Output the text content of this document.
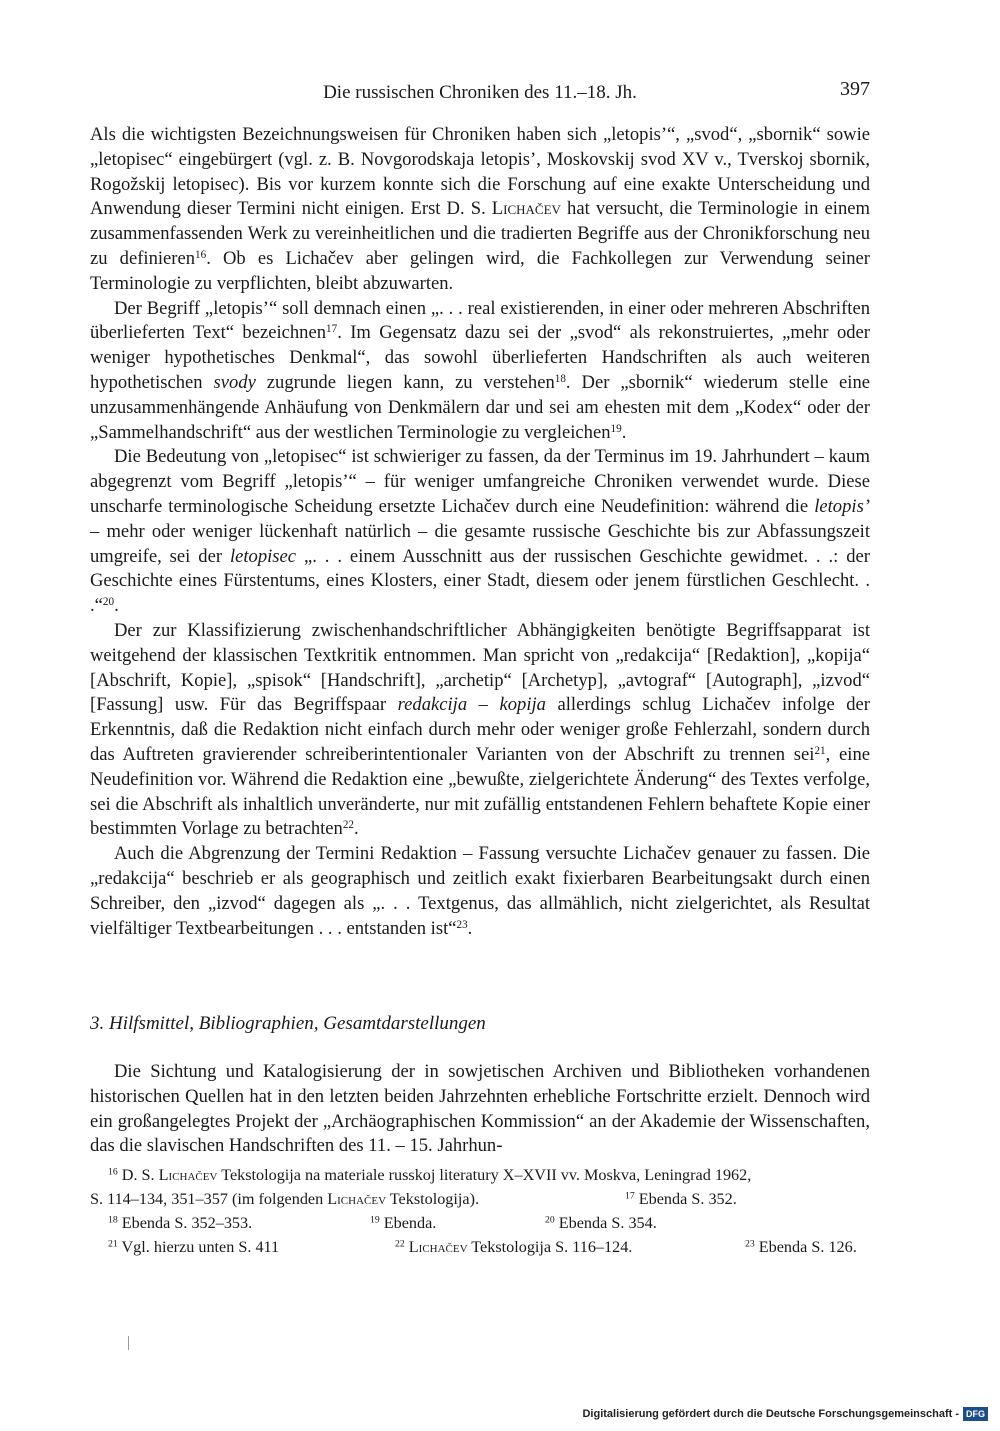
Die russischen Chroniken des 11.–18. Jh.	397

Als die wichtigsten Bezeichnungsweisen für Chroniken haben sich „letopis’“, „svod“, „sbornik“ sowie „letopisec“ eingebürgert (vgl. z. B. Novgorodskaja letopis’, Moskovskij svod XV v., Tverskoj sbornik, Rogožskij letopisec). Bis vor kurzem konnte sich die Forschung auf eine exakte Unterscheidung und Anwendung dieser Termini nicht einigen. Erst D. S. Lichačev hat versucht, die Terminologie in einem zusammenfassenden Werk zu vereinheitlichen und die tradierten Begriffe aus der Chronikforschung neu zu definieren$^{16}$. Ob es Lichačev aber gelingen wird, die Fachkollegen zur Verwendung seiner Terminologie zu verpflichten, bleibt abzuwarten.

Der Begriff „letopis’“ soll demnach einen „. . . real existierenden, in einer oder mehreren Abschriften überlieferten Text“ bezeichnen$^{17}$. Im Gegensatz dazu sei der „svod“ als rekonstruiertes, „mehr oder weniger hypothetisches Denkmal“, das sowohl überlieferten Handschriften als auch weiteren hypothetischen svody zugrunde liegen kann, zu verstehen$^{18}$. Der „sbornik“ wiederum stelle eine unzusammenhängende Anhäufung von Denkmälern dar und sei am ehesten mit dem „Kodex“ oder der „Sammelhandschrift“ aus der westlichen Terminologie zu vergleichen$^{19}$.

Die Bedeutung von „letopisec“ ist schwieriger zu fassen, da der Terminus im 19. Jahrhundert – kaum abgegrenzt vom Begriff „letopis’“ – für weniger umfangreiche Chroniken verwendet wurde. Diese unscharfe terminologische Scheidung ersetzte Lichačev durch eine Neudefinition: während die letopis’ – mehr oder weniger lückenhaft natürlich – die gesamte russische Geschichte bis zur Abfassungszeit umgreife, sei der letopisec „. . . einem Ausschnitt aus der russischen Geschichte gewidmet. . .: der Geschichte eines Fürstentums, eines Klosters, einer Stadt, diesem oder jenem fürstlichen Geschlecht. . .“$^{20}$.

Der zur Klassifizierung zwischenhandschriftlicher Abhängigkeiten benötigte Begriffsapparat ist weitgehend der klassischen Textkritik entnommen. Man spricht von „redakcija“ [Redaktion], „kopija“ [Abschrift, Kopie], „spisok“ [Handschrift], „archetip“ [Archetyp], „avtograf“ [Autograph], „izvod“ [Fassung] usw. Für das Begriffspaar redakcija – kopija allerdings schlug Lichačev infolge der Erkenntnis, daß die Redaktion nicht einfach durch mehr oder weniger große Fehlerzahl, sondern durch das Auftreten gravierender schreiberintentionaler Varianten von der Abschrift zu trennen sei$^{21}$, eine Neudefinition vor. Während die Redaktion eine „bewußte, zielgerichtete Änderung“ des Textes verfolge, sei die Abschrift als inhaltlich unveränderte, nur mit zufällig entstandenen Fehlern behaftete Kopie einer bestimmten Vorlage zu betrachten$^{22}$.

Auch die Abgrenzung der Termini Redaktion – Fassung versuchte Lichačev genauer zu fassen. Die „redakcija“ beschrieb er als geographisch und zeitlich exakt fixierbaren Bearbeitungsakt durch einen Schreiber, den „izvod“ dagegen als „. . . Textgenus, das allmählich, nicht zielgerichtet, als Resultat vielfältiger Textbearbeitungen . . . entstanden ist“$^{23}$.

3. Hilfsmittel, Bibliographien, Gesamtdarstellungen
Die Sichtung und Katalogisierung der in sowjetischen Archiven und Bibliotheken vorhandenen historischen Quellen hat in den letzten beiden Jahrzehnten erhebliche Fortschritte erzielt. Dennoch wird ein großangelegtes Projekt der „Archäographischen Kommission“ an der Akademie der Wissenschaften, das die slavischen Handschriften des 11. – 15. Jahrhun-
$^{16}$ D. S. Lichačev Tekstologija na materiale russkoj literatury X–XVII vv. Moskva, Leningrad 1962,
S. 114–134, 351–357 (im folgenden Lichačev Tekstologija).	$^{17}$ Ebenda S. 352.
$^{18}$ Ebenda S. 352–353.	$^{19}$ Ebenda.	$^{20}$ Ebenda S. 354.
$^{21}$ Vgl. hierzu unten S. 411	$^{22}$ Lichačev Tekstologija S. 116–124.	$^{23}$ Ebenda S. 126.
Digitalisierung gefördert durch die Deutsche Forschungsgemeinschaft - DFG
